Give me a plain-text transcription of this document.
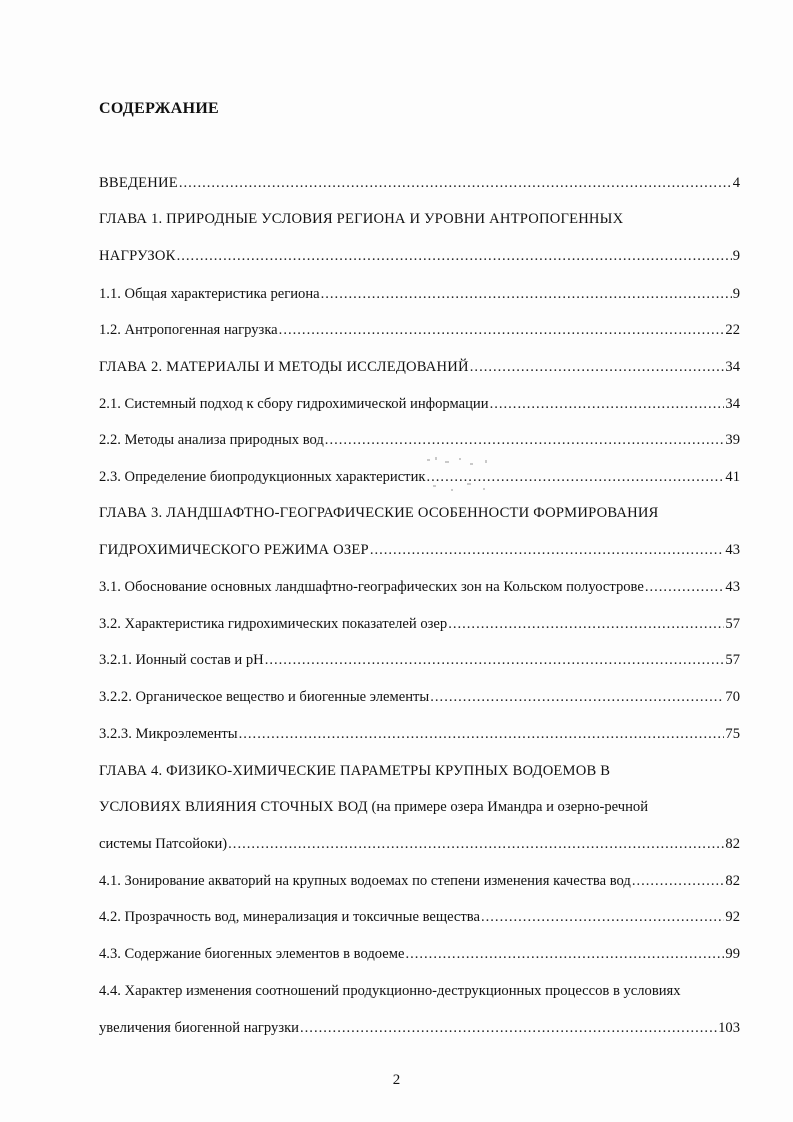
СОДЕРЖАНИЕ
ВВЕДЕНИЕ .....	4
ГЛАВА 1. ПРИРОДНЫЕ УСЛОВИЯ РЕГИОНА И УРОВНИ АНТРОПОГЕННЫХ
НАГРУЗОК .....	9
1.1. Общая характеристика региона .....	9
1.2. Антропогенная нагрузка .....	22
ГЛАВА 2. МАТЕРИАЛЫ И МЕТОДЫ ИССЛЕДОВАНИЙ .....	34
2.1. Системный подход к сбору гидрохимической информации .....	34
2.2. Методы анализа природных вод .....	39
2.3. Определение биопродукционных характеристик .....	41
ГЛАВА 3. ЛАНДШАФТНО-ГЕОГРАФИЧЕСКИЕ ОСОБЕННОСТИ ФОРМИРОВАНИЯ
ГИДРОХИМИЧЕСКОГО РЕЖИМА ОЗЕР .....	43
3.1. Обоснование основных ландшафтно-географических зон на Кольском полуострове .....	43
3.2. Характеристика гидрохимических показателей озер .....	57
3.2.1. Ионный состав и pH .....	57
3.2.2. Органическое вещество и биогенные элементы .....	70
3.2.3. Микроэлементы .....	75
ГЛАВА 4. ФИЗИКО-ХИМИЧЕСКИЕ ПАРАМЕТРЫ КРУПНЫХ ВОДОЕМОВ В
УСЛОВИЯХ ВЛИЯНИЯ СТОЧНЫХ ВОД (на примере озера Имандра и озерно-речной
системы Патсойоки) .....	82
4.1. Зонирование акваторий на крупных водоемах по степени изменения качества вод .....	82
4.2. Прозрачность вод, минерализация и токсичные вещества .....	92
4.3. Содержание биогенных элементов в водоеме .....	99
4.4. Характер изменения соотношений продукционно-деструкционных процессов в условиях
увеличения биогенной нагрузки .....	103
2
